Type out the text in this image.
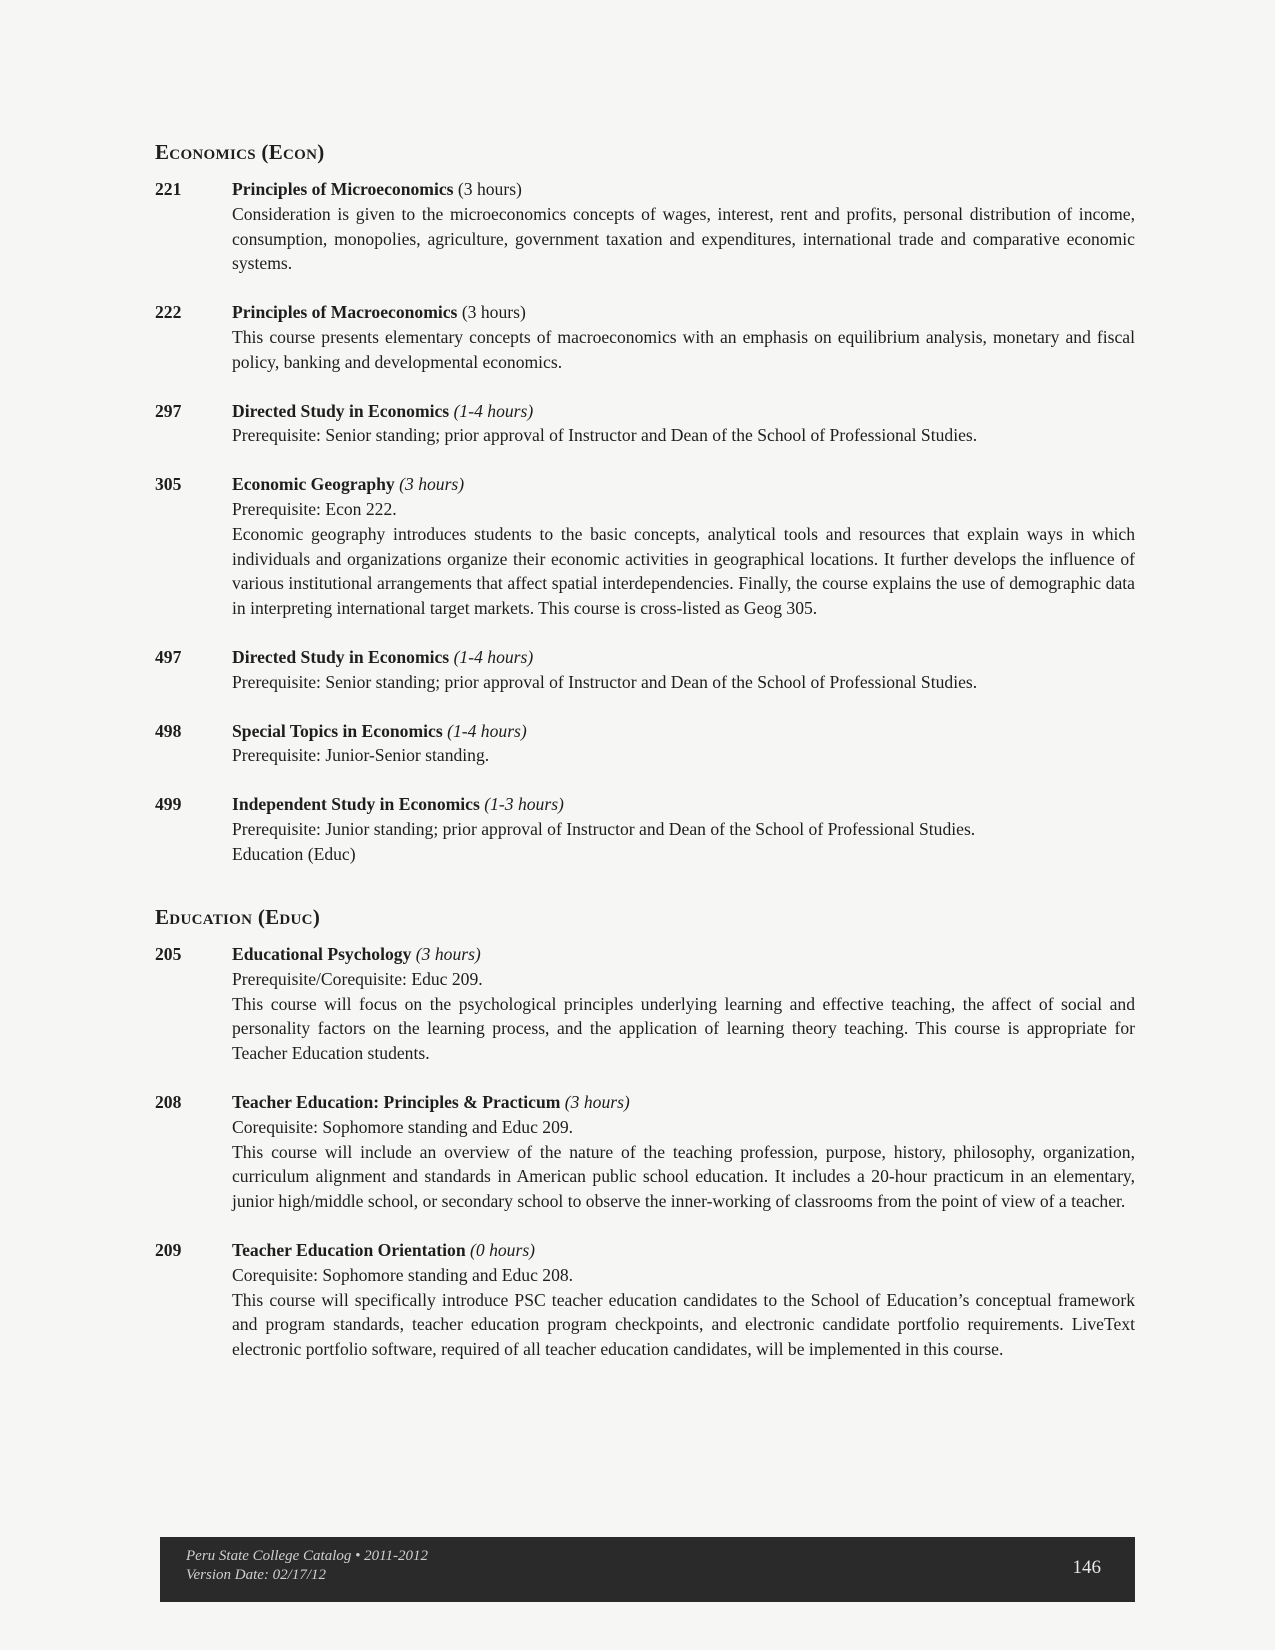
Economics (Econ)
221	Principles of Microeconomics (3 hours)
Consideration is given to the microeconomics concepts of wages, interest, rent and profits, personal distribution of income, consumption, monopolies, agriculture, government taxation and expenditures, international trade and comparative economic systems.
222	Principles of Macroeconomics (3 hours)
This course presents elementary concepts of macroeconomics with an emphasis on equilibrium analysis, monetary and fiscal policy, banking and developmental economics.
297	Directed Study in Economics (1-4 hours)
Prerequisite: Senior standing; prior approval of Instructor and Dean of the School of Professional Studies.
305	Economic Geography (3 hours)
Prerequisite: Econ 222.
Economic geography introduces students to the basic concepts, analytical tools and resources that explain ways in which individuals and organizations organize their economic activities in geographical locations. It further develops the influence of various institutional arrangements that affect spatial interdependencies. Finally, the course explains the use of demographic data in interpreting international target markets. This course is cross-listed as Geog 305.
497	Directed Study in Economics (1-4 hours)
Prerequisite: Senior standing; prior approval of Instructor and Dean of the School of Professional Studies.
498	Special Topics in Economics (1-4 hours)
Prerequisite: Junior-Senior standing.
499	Independent Study in Economics (1-3 hours)
Prerequisite: Junior standing; prior approval of Instructor and Dean of the School of Professional Studies.
Education (Educ)
Education (Educ)
205	Educational Psychology (3 hours)
Prerequisite/Corequisite: Educ 209.
This course will focus on the psychological principles underlying learning and effective teaching, the affect of social and personality factors on the learning process, and the application of learning theory teaching. This course is appropriate for Teacher Education students.
208	Teacher Education: Principles & Practicum (3 hours)
Corequisite: Sophomore standing and Educ 209.
This course will include an overview of the nature of the teaching profession, purpose, history, philosophy, organization, curriculum alignment and standards in American public school education. It includes a 20-hour practicum in an elementary, junior high/middle school, or secondary school to observe the inner-working of classrooms from the point of view of a teacher.
209	Teacher Education Orientation (0 hours)
Corequisite: Sophomore standing and Educ 208.
This course will specifically introduce PSC teacher education candidates to the School of Education’s conceptual framework and program standards, teacher education program checkpoints, and electronic candidate portfolio requirements. LiveText electronic portfolio software, required of all teacher education candidates, will be implemented in this course.
Peru State College Catalog • 2011-2012
Version Date: 02/17/12	146
